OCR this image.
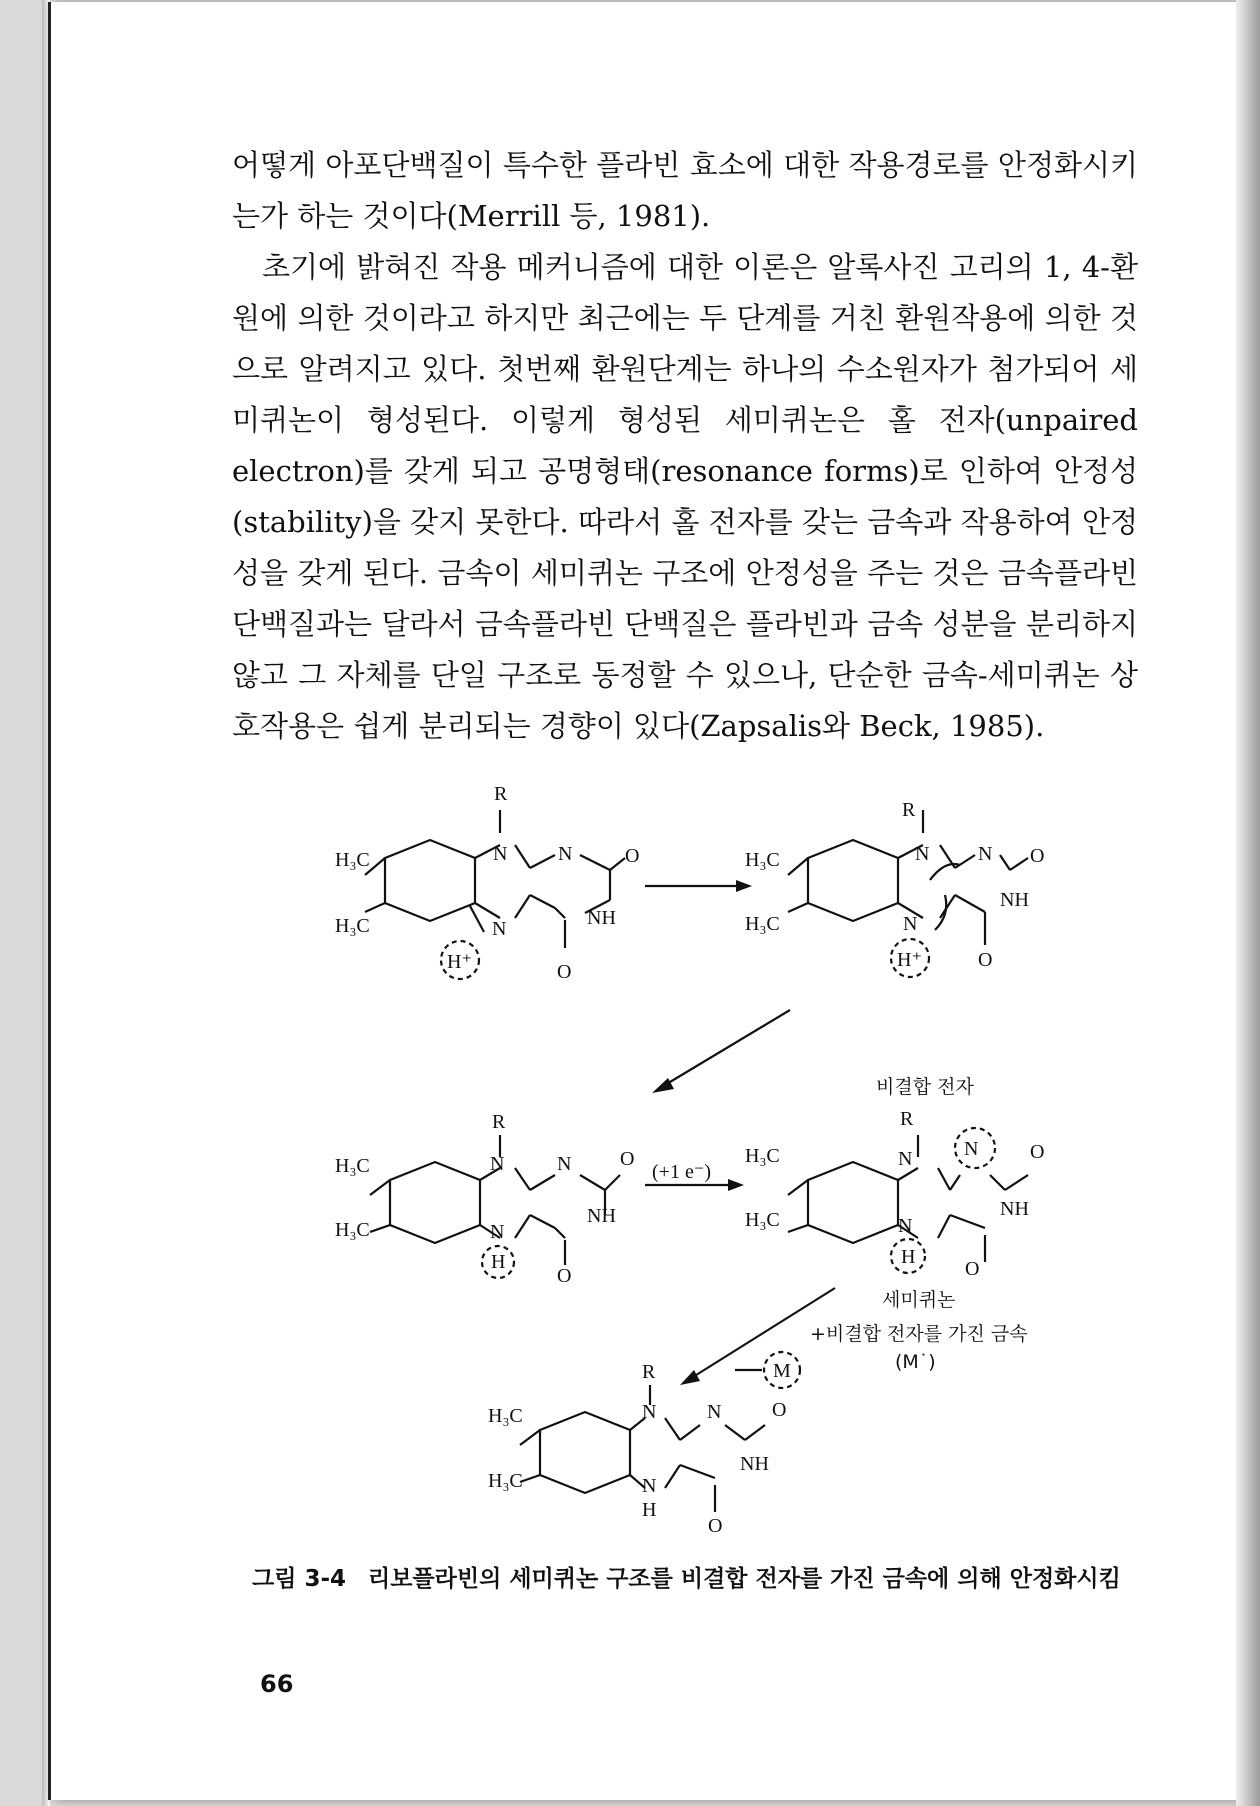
어떻게 아포단백질이 특수한 플라빈 효소에 대한 작용경로를 안정화시키는가 하는 것이다(Merrill 등, 1981).

초기에 밝혀진 작용 메커니즘에 대한 이론은 알록사진 고리의 1, 4-환원에 의한 것이라고 하지만 최근에는 두 단계를 거친 환원작용에 의한 것으로 알려지고 있다. 첫번째 환원단계는 하나의 수소원자가 첨가되어 세미퀴논이 형성된다. 이렇게 형성된 세미퀴논은 홀 전자(unpaired electron)를 갖게 되고 공명형태(resonance forms)로 인하여 안정성(stability)을 갖지 못한다. 따라서 홀 전자를 갖는 금속과 작용하여 안정성을 갖게 된다. 금속이 세미퀴논 구조에 안정성을 주는 것은 금속플라빈 단백질과는 달라서 금속플라빈 단백질은 플라빈과 금속 성분을 분리하지 않고 그 자체를 단일 구조로 동정할 수 있으나, 단순한 금속-세미퀴논 상호작용은 쉽게 분리되는 경향이 있다(Zapsalis와 Beck, 1985).

N	N	O
NH
N
O
R
H₃C
H₃C
H⁺
N N O
NH
N
O
R
H₃C
H₃C
H⁺
R
N	N O
NH
N
O
H₃C
H₃C
H
(+1 e⁻)
R
N	N	O
NH
N
O
H₃C
H₃C
H
R
N	N	O
NH
N
H
O
H₃C
H₃C
M
비결합 전자
세미퀴논
+비결합 전자를 가진 금속
(M˙)
그림 3-4 리보플라빈의 세미퀴논 구조를 비결합 전자를 가진 금속에 의해 안정화시킴
66
